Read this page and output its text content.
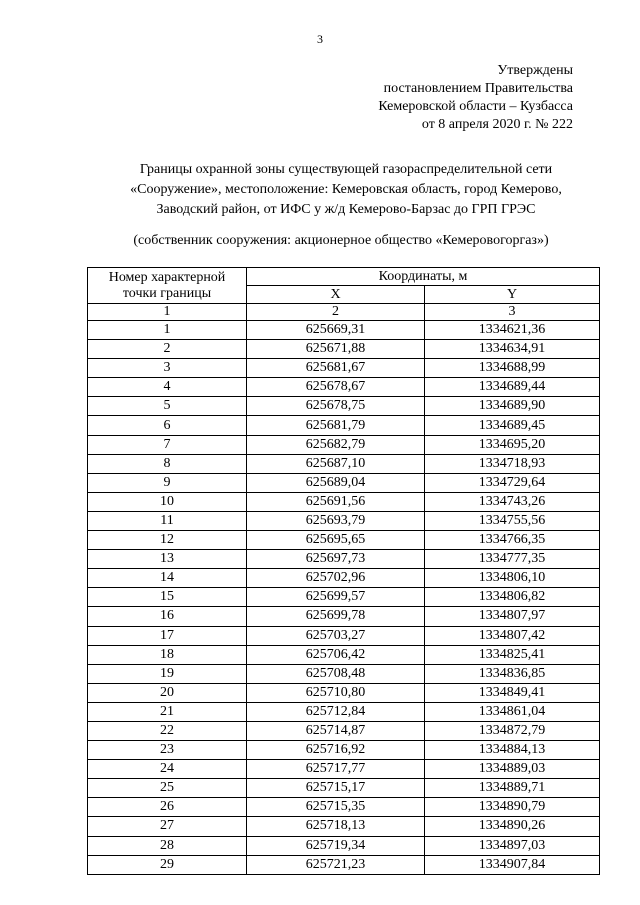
3
Утверждены
постановлением Правительства
Кемеровской области – Кузбасса
от 8 апреля 2020 г. № 222
Границы охранной зоны существующей газораспределительной сети
«Сооружение», местоположение: Кемеровская область, город Кемерово,
Заводский район, от ИФС у ж/д Кемерово-Барзас до ГРП ГРЭС
(собственник сооружения: акционерное общество «Кемеровогоргаз»)
Номер характерной
точки границы	Координаты, м	
	X	Y
1	2	3
1	625669,31	1334621,36
2	625671,88	1334634,91
3	625681,67	1334688,99
4	625678,67	1334689,44
5	625678,75	1334689,90
6	625681,79	1334689,45
7	625682,79	1334695,20
8	625687,10	1334718,93
9	625689,04	1334729,64
10	625691,56	1334743,26
11	625693,79	1334755,56
12	625695,65	1334766,35
13	625697,73	1334777,35
14	625702,96	1334806,10
15	625699,57	1334806,82
16	625699,78	1334807,97
17	625703,27	1334807,42
18	625706,42	1334825,41
19	625708,48	1334836,85
20	625710,80	1334849,41
21	625712,84	1334861,04
22	625714,87	1334872,79
23	625716,92	1334884,13
24	625717,77	1334889,03
25	625715,17	1334889,71
26	625715,35	1334890,79
27	625718,13	1334890,26
28	625719,34	1334897,03
29	625721,23	1334907,84
